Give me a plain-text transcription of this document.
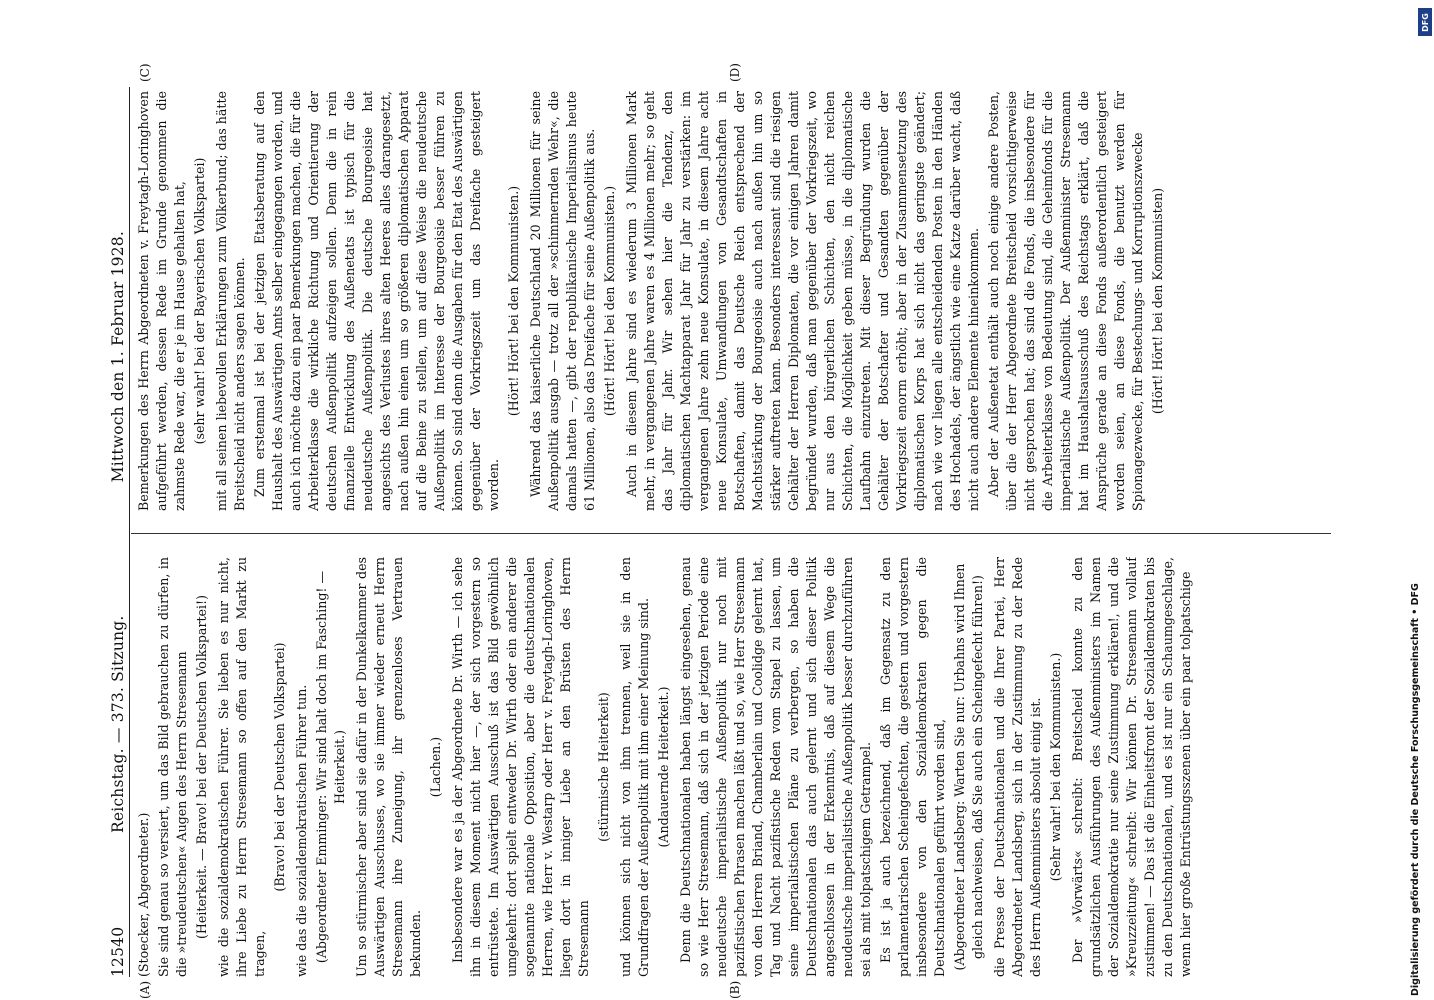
12540
Reichstag. — 373. Sitzung. Mittwoch den 1. Februar 1928.

(Stoecker, Abgeordneter.) Sie sind genau so versiert, um das Bild gebrauchen zu dürfen, in die »treudeutschen« Augen des Herrn Stresemann (Heiterkeit. — Bravo! bei der Deutschen Volkspartei!) wie die sozialdemokratischen Führer. Sie lieben es nur nicht, ihre Liebe zu Herrn Stresemann so offen auf den Markt zu tragen,

(Bravo! bei der Deutschen Volkspartei) wie das die sozialdemokratischen Führer tun. (Abgeordneter Emminger: Wir sind halt doch im Fasching! — Heiterkeit.) Um so stürmischer aber sind sie dafür in der Dunkelkammer des Auswärtigen Ausschusses, wo sie immer wieder erneut Herrn Stresemann ihre Zuneigung, ihr grenzenloses Vertrauen bekunden.

(Lachen.) Insbesondere war es ja der Abgeordnete Dr. Wirth — ich sehe ihn in diesem Moment nicht hier —, der sich vorgestern so entrüstete. Im Auswärtigen Ausschuß ist das Bild gewöhnlich umgekehrt: dort spielt entweder Dr. Wirth oder ein anderer die sogenannte nationale Opposition, aber die deutschnationalen Herren, wie Herr v. Westarp oder Herr v. Freytagh-Loringhoven, liegen dort in inniger Liebe an den Brüsten des Herrn Stresemann

(stürmische Heiterkeit) und können sich nicht von ihm trennen, weil sie in den Grundfragen der Außenpolitik mit ihm einer Meinung sind. (Andauernde Heiterkeit.) Denn die Deutschnationalen haben längst eingesehen, genau so wie Herr Stresemann, daß sich in der jetzigen Periode eine neudeutsche imperialistische Außenpolitik nur noch mit pazifistischen Phrasen machen läßt und so, wie Herr Stresemann von den Herren Briand, Chamberlain und Coolidge gelernt hat, Tag und Nacht pazifistische Reden vom Stapel zu lassen, um seine imperialistischen Pläne zu verbergen, so haben die Deutschnationalen das auch gelernt und sich dieser Politik angeschlossen in der Erkenntnis, daß auf diesem Wege die neudeutsche imperialistische Außenpolitik besser durchzuführen sei als mit tolpatschigem Getrampel. Es ist ja auch bezeichnend, daß im Gegensatz zu den parlamentarischen Scheingefechten, die gestern und vorgestern insbesondere von den Sozialdemokraten gegen die Deutschnationalen geführt worden sind, (Abgeordneter Landsberg: Warten Sie nur: Urbahns wird Ihnen gleich nachweisen, daß Sie auch ein Scheingefecht führen!) die Presse der Deutschnationalen und die Ihrer Partei, Herr Abgeordneter Landsberg, sich in der Zustimmung zu der Rede des Herrn Außenministers absolut einig ist. (Sehr wahr! bei den Kommunisten.) Der »Vorwärts« schreibt: Breitscheid konnte zu den grundsätzlichen Ausführungen des Außenministers im Namen der Sozialdemokratie nur seine Zustimmung erklären!, und die »Kreuzzeitung« schreibt: Wir können Dr. Stresemann vollauf zustimmen! — Das ist die Einheitsfront der Sozialdemokraten bis zu den Deutschnationalen, und es ist nur ein Schaumgeschlage, wenn hier große Entrüstungsszenen über ein paar tolpatschige

Bemerkungen des Herrn Abgeordneten v. Freytagh-Loringhoven aufgeführt werden, dessen Rede im Grunde genommen die zahmste Rede war, die er je im Hause gehalten hat, (sehr wahr! bei der Bayerischen Volkspartei) mit all seinen liebevollen Erklärungen zum Völkerbund; das hätte Breitscheid nicht anders sagen können. Zum erstenmal ist bei der jetzigen Etatsberatung auf den Haushalt des Auswärtigen Amts selber eingegangen worden, und auch ich möchte dazu ein paar Bemerkungen machen, die für die Arbeiterklasse die wirkliche Richtung und Orientierung der deutschen Außenpolitik aufzeigen sollen. Denn die in rein finanzielle Entwicklung des Außenetats ist typisch für die neudeutsche Außenpolitik. Die deutsche Bourgeoisie hat angesichts des Verlustes ihres alten Heeres alles darangesetzt, nach außen hin einen um so größeren diplomatischen Apparat auf die Beine zu stellen, um auf diese Weise die neudeutsche Außenpolitik im Interesse der Bourgeoisie besser führen zu können. So sind denn die Ausgaben für den Etat des Auswärtigen gegenüber der Vorkriegszeit um das Dreifache gesteigert worden.

(Hört! Hört! bei den Kommunisten.) Während das kaiserliche Deutschland 20 Millionen für seine Außenpolitik ausgab — trotz all der »schimmernden Wehr«, die damals hatten —, gibt der republikanische Imperialismus heute 61 Millionen, also das Dreifache für seine Außenpolitik aus. (Hört! Hört! bei den Kommunisten.) Auch in diesem Jahre sind es wiederum 3 Millionen Mark mehr, in vergangenen Jahre waren es 4 Millionen mehr; so geht das Jahr für Jahr. Wir sehen hier die Tendenz, den diplomatischen Machtapparat Jahr für Jahr zu verstärken: im vergangenen Jahre zehn neue Konsulate, in diesem Jahre acht neue Konsulate, Umwandlungen von Gesandtschaften in Botschaften, damit das Deutsche Reich entsprechend der Machtstärkung der Bourgeoisie auch nach außen hin um so stärker auftreten kann. Besonders interessant sind die riesigen Gehälter der Herren Diplomaten, die vor einigen Jahren damit begründet wurden, daß man gegenüber der Vorkriegszeit, wo nur aus den bürgerlichen Schichten, den nicht reichen Schichten, die Möglichkeit geben müsse, in die diplomatische Laufbahn einzutreten. Mit dieser Begründung wurden die Gehälter der Botschafter und Gesandten gegenüber der Vorkriegszeit enorm erhöht; aber in der Zusammensetzung des diplomatischen Korps hat sich nicht das geringste geändert; nach wie vor liegen alle entscheidenden Posten in den Händen des Hochadels, der ängstlich wie eine Katze darüber wacht, daß nicht auch andere Elemente hineinkommen. Aber der Außenetat enthält auch noch einige andere Posten, über die der Herr Abgeordnete Breitscheid vorsichtigerweise nicht gesprochen hat; das sind die Fonds, die insbesondere für die Arbeiterklasse von Bedeutung sind, die Geheimfonds für die imperialistische Außenpolitik. Der Außenminister Stresemann hat im Haushaltsausschuß des Reichstags erklärt, daß die Ansprüche gerade an diese Fonds außerordentlich gesteigert worden seien, an diese Fonds, die benutzt werden für Spionagezwecke, für Bestechungs- und Korruptionszwecke (Hört! Hört! bei den Kommunisten)

(A)	(B)
(C)	(D)
Digitalisierung gefördert durch die Deutsche Forschungsgemeinschaft • DFG
DFG
